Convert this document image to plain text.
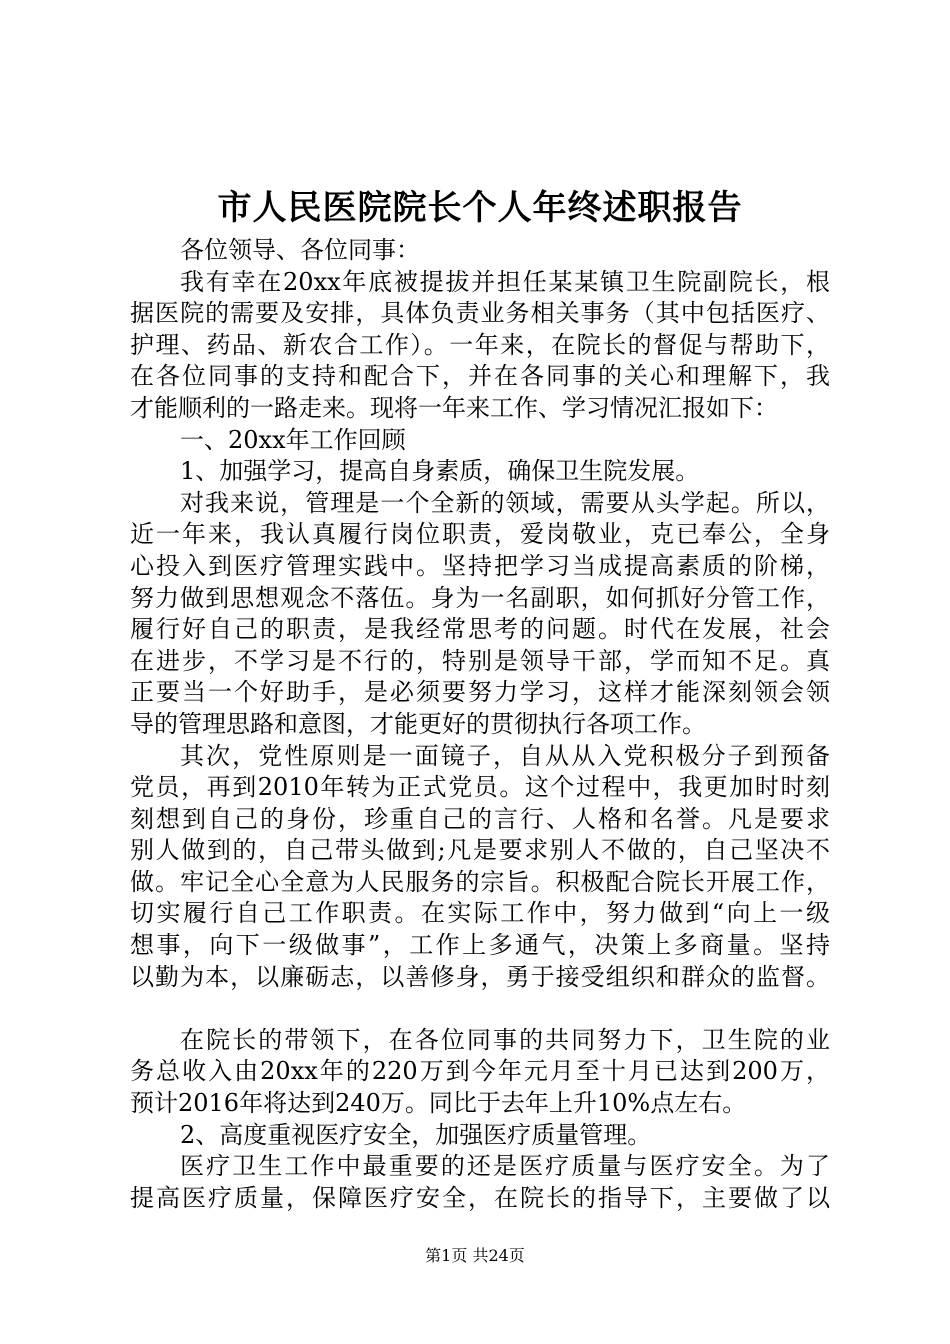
市人民医院院长个人年终述职报告
各位领导、各位同事：
我有幸在20xx年底被提拔并担任某某镇卫生院副院长，根
据医院的需要及安排，具体负责业务相关事务（其中包括医疗、
护理、药品、新农合工作）。一年来，在院长的督促与帮助下，
在各位同事的支持和配合下，并在各同事的关心和理解下，我
才能顺利的一路走来。现将一年来工作、学习情况汇报如下：
一、20xx年工作回顾
1、加强学习，提高自身素质，确保卫生院发展。
对我来说，管理是一个全新的领域，需要从头学起。所以，
近一年来，我认真履行岗位职责，爱岗敬业，克已奉公，全身
心投入到医疗管理实践中。坚持把学习当成提高素质的阶梯，
努力做到思想观念不落伍。身为一名副职，如何抓好分管工作，
履行好自己的职责，是我经常思考的问题。时代在发展，社会
在进步，不学习是不行的，特别是领导干部，学而知不足。真
正要当一个好助手，是必须要努力学习，这样才能深刻领会领
导的管理思路和意图，才能更好的贯彻执行各项工作。
其次，党性原则是一面镜子，自从从入党积极分子到预备
党员，再到2010年转为正式党员。这个过程中，我更加时时刻
刻想到自己的身份，珍重自己的言行、人格和名誉。凡是要求
别人做到的，自己带头做到;凡是要求别人不做的，自己坚决不
做。牢记全心全意为人民服务的宗旨。积极配合院长开展工作，
切实履行自己工作职责。在实际工作中，努力做到“向上一级
想事，向下一级做事”，工作上多通气，决策上多商量。坚持
以勤为本，以廉砺志，以善修身，勇于接受组织和群众的监督。
在院长的带领下，在各位同事的共同努力下，卫生院的业
务总收入由20xx年的220万到今年元月至十月已达到200万，
预计2016年将达到240万。同比于去年上升10%点左右。
2、高度重视医疗安全，加强医疗质量管理。
医疗卫生工作中最重要的还是医疗质量与医疗安全。为了
提高医疗质量，保障医疗安全，在院长的指导下，主要做了以
第1页 共24页
